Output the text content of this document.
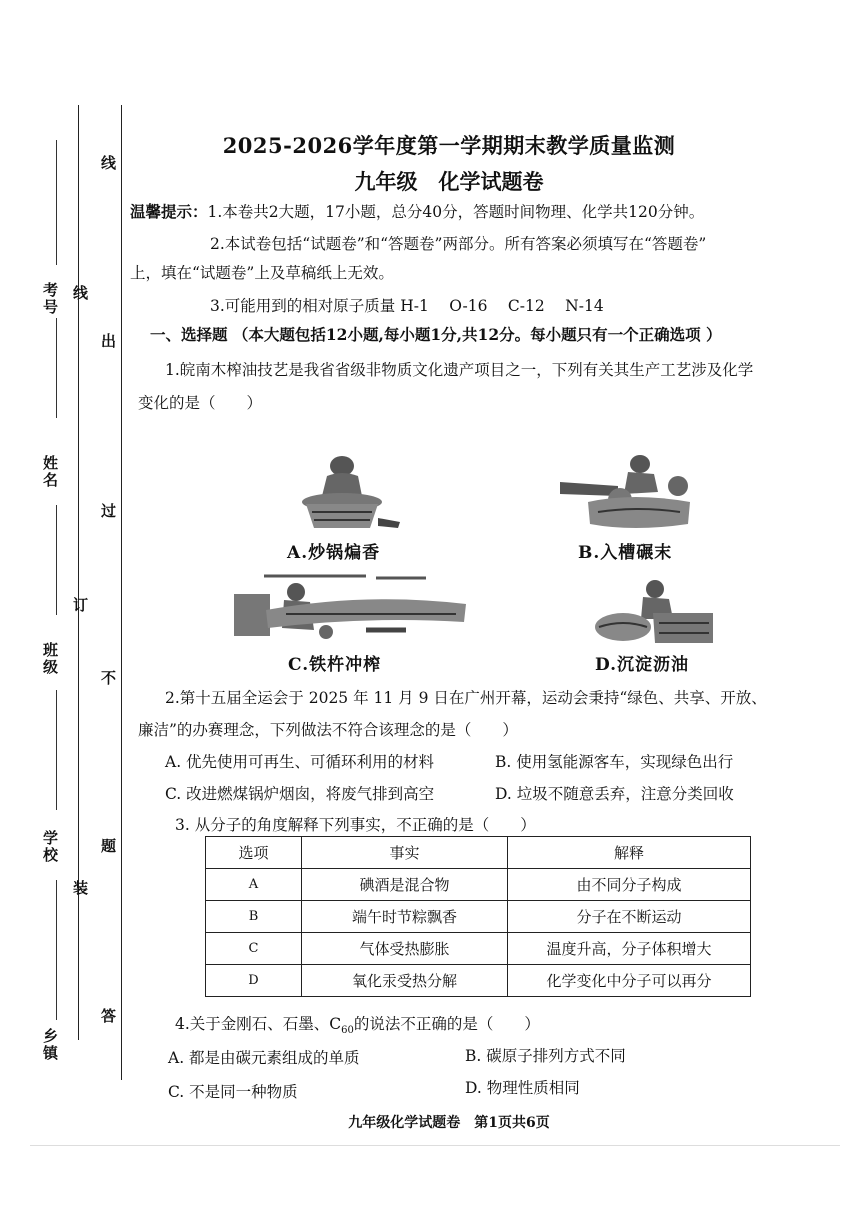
考号
姓名
班级
学校
乡镇
线
订
装
线
出
过
不
题
答
2025-2026学年度第一学期期末教学质量监测
九年级　化学试题卷
温馨提示：1.本卷共2大题，17小题，总分40分，答题时间物理、化学共120分钟。
2.本试卷包括“试题卷”和“答题卷”两部分。所有答案必须填写在“答题卷”
上，填在“试题卷”上及草稿纸上无效。
3.可能用到的相对原子质量 H-1　 O-16　 C-12　 N-14
一、选择题 （本大题包括12小题,每小题1分,共12分。每小题只有一个正确选项 ）
1.皖南木榨油技艺是我省省级非物质文化遗产项目之一，下列有关其生产工艺涉及化学
变化的是（　　）
A.炒锅煸香	B.入槽碾末
C.铁杵冲榨	D.沉淀沥油
2.第十五届全运会于 2025 年 11 月 9 日在广州开幕，运动会秉持“绿色、共享、开放、
廉洁”的办赛理念，下列做法不符合该理念的是（　　）
A. 优先使用可再生、可循环利用的材料	B. 使用氢能源客车，实现绿色出行
C. 改进燃煤锅炉烟囱，将废气排到高空	D. 垃圾不随意丢弃，注意分类回收
3. 从分子的角度解释下列事实，不正确的是（　　）
选项	事实	解释
A	碘酒是混合物	由不同分子构成
B	端午时节粽飘香	分子在不断运动
C	气体受热膨胀	温度升高，分子体积增大
D	氧化汞受热分解	化学变化中分子可以再分
4.关于金刚石、石墨、$C_{60}$的说法不正确的是（　　）
A. 都是由碳元素组成的单质	B. 碳原子排列方式不同
C. 不是同一种物质	D. 物理性质相同
九年级化学试题卷　第1页共6页
